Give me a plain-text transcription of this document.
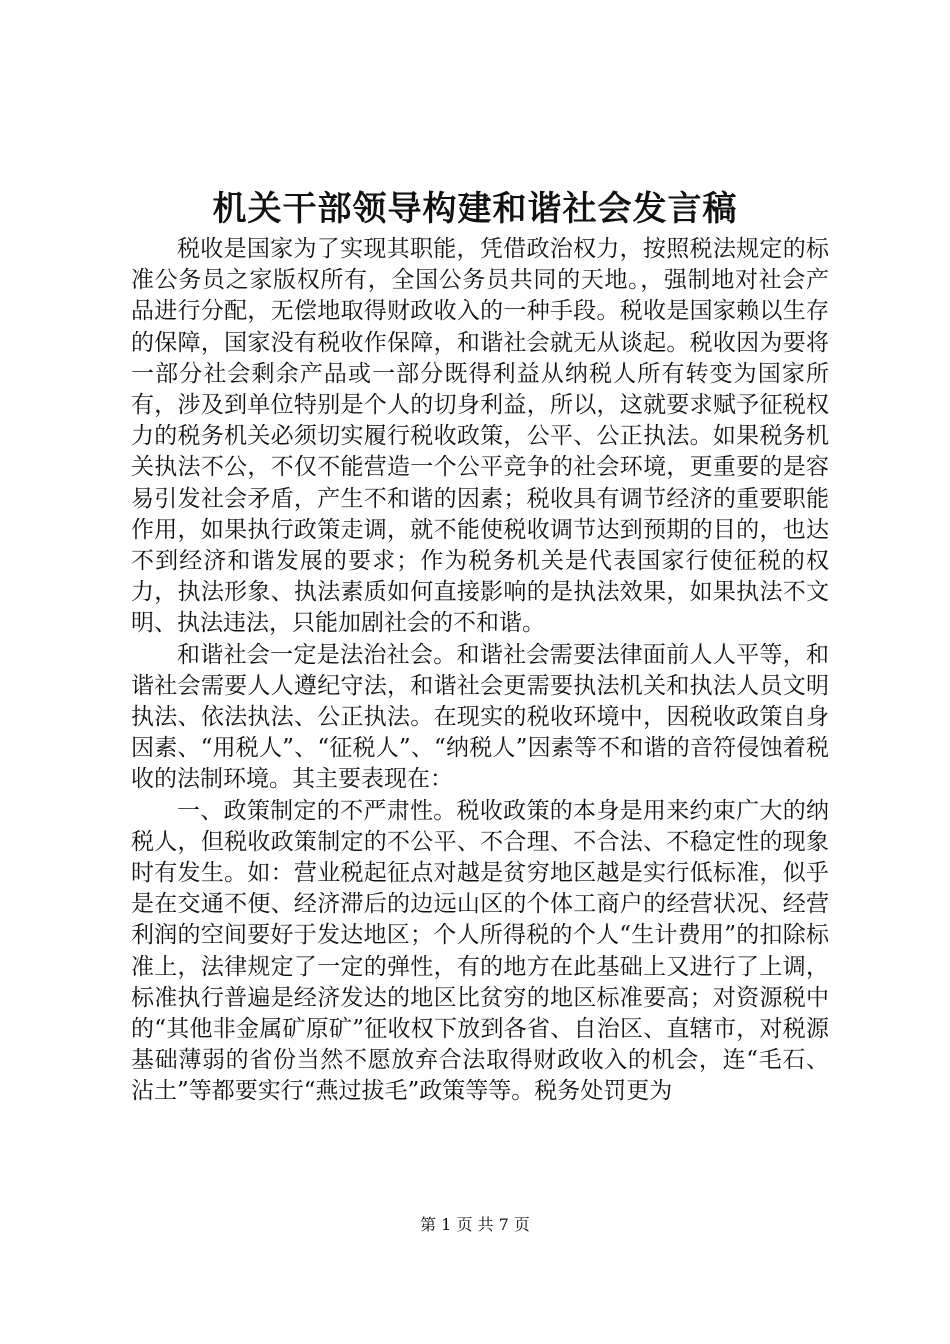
机关干部领导构建和谐社会发言稿

税收是国家为了实现其职能，凭借政治权力，按照税法规定的标准公务员之家版权所有，全国公务员共同的天地。，强制地对社会产品进行分配，无偿地取得财政收入的一种手段。税收是国家赖以生存的保障，国家没有税收作保障，和谐社会就无从谈起。税收因为要将一部分社会剩余产品或一部分既得利益从纳税人所有转变为国家所有，涉及到单位特别是个人的切身利益，所以，这就要求赋予征税权力的税务机关必须切实履行税收政策，公平、公正执法。如果税务机关执法不公，不仅不能营造一个公平竞争的社会环境，更重要的是容易引发社会矛盾，产生不和谐的因素；税收具有调节经济的重要职能作用，如果执行政策走调，就不能使税收调节达到预期的目的，也达不到经济和谐发展的要求；作为税务机关是代表国家行使征税的权力，执法形象、执法素质如何直接影响的是执法效果，如果执法不文明、执法违法，只能加剧社会的不和谐。

和谐社会一定是法治社会。和谐社会需要法律面前人人平等，和谐社会需要人人遵纪守法，和谐社会更需要执法机关和执法人员文明执法、依法执法、公正执法。在现实的税收环境中，因税收政策自身因素、“用税人”、“征税人”、“纳税人”因素等不和谐的音符侵蚀着税收的法制环境。其主要表现在：

一、政策制定的不严肃性。税收政策的本身是用来约束广大的纳税人，但税收政策制定的不公平、不合理、不合法、不稳定性的现象时有发生。如：营业税起征点对越是贫穷地区越是实行低标准，似乎是在交通不便、经济滞后的边远山区的个体工商户的经营状况、经营利润的空间要好于发达地区；个人所得税的个人“生计费用”的扣除标准上，法律规定了一定的弹性，有的地方在此基础上又进行了上调，标准执行普遍是经济发达的地区比贫穷的地区标准要高；对资源税中的“其他非金属矿原矿”征收权下放到各省、自治区、直辖市，对税源基础薄弱的省份当然不愿放弃合法取得财政收入的机会，连“毛石、沾土”等都要实行“燕过拔毛”政策等等。税务处罚更为

第 1 页 共 7 页
